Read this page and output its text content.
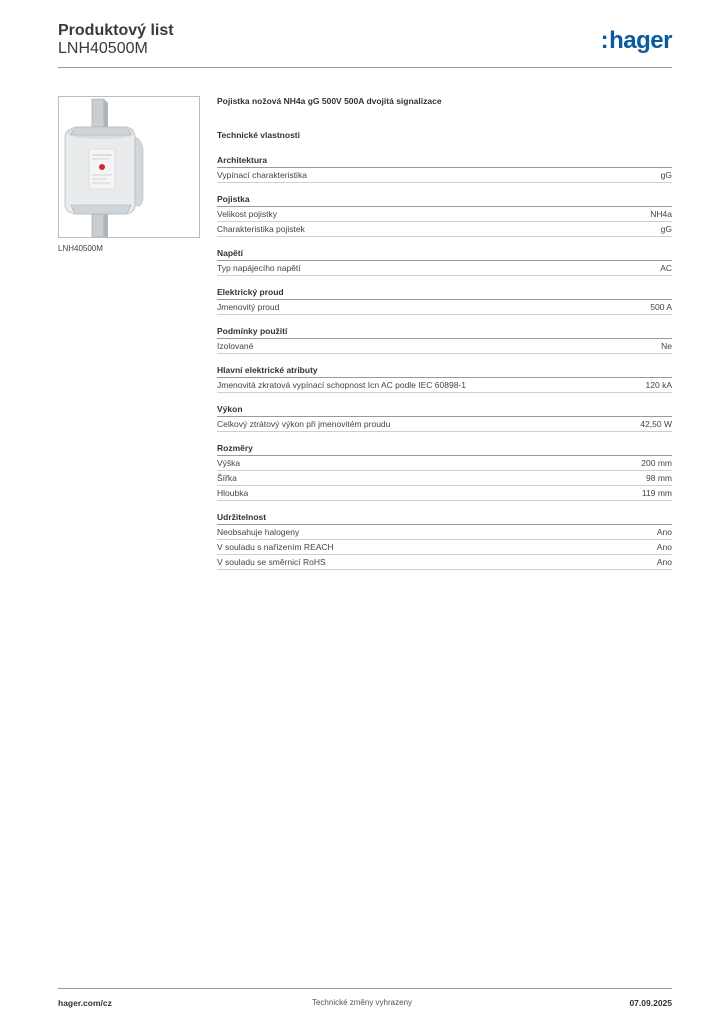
Produktový list
LNH40500M	:hager
LNH40500M
Pojistka nožová NH4a gG 500V 500A dvojitá signalizace
Technické vlastnosti
Architektura
Vypínací charakteristika	gG
Pojistka
Velikost pojistky	NH4a
Charakteristika pojistek	gG
Napětí
Typ napájecího napětí	AC
Elektrický proud
Jmenovitý proud	500 A
Podmínky použití
Izolované	Ne
Hlavní elektrické atributy
Jmenovitá zkratová vypínací schopnost Icn AC podle IEC 60898-1	120 kA
Výkon
Celkový ztrátový výkon při jmenovitém proudu	42,50 W
Rozměry
Výška	200 mm
Šířka	98 mm
Hloubka	119 mm
Udržitelnost
Neobsahuje halogeny	Ano
V souladu s nařízením REACH	Ano
V souladu se směrnicí RoHS	Ano
hager.com/cz	Technické změny vyhrazeny	07.09.2025
